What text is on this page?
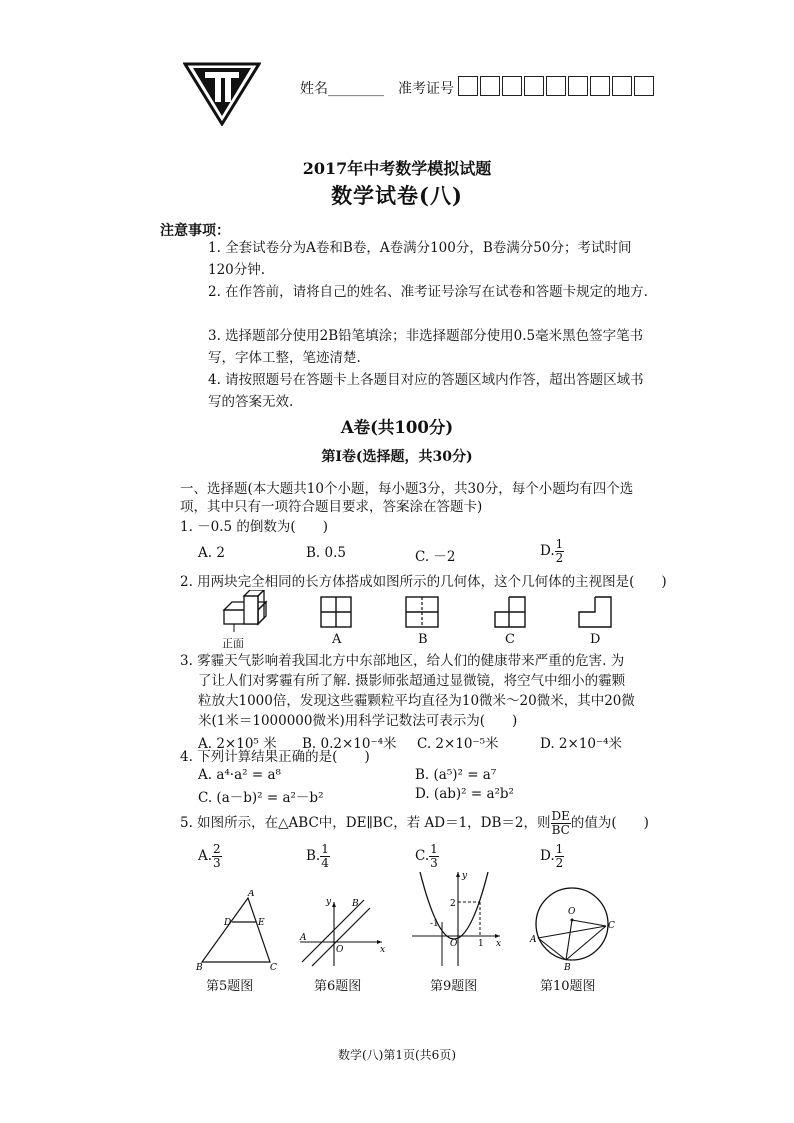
姓名________ 准考证号
2017年中考数学模拟试题
数学试卷(八)
注意事项：
1. 全套试卷分为A卷和B卷，A卷满分100分，B卷满分50分；考试时间120分钟.
2. 在作答前，请将自己的姓名、准考证号涂写在试卷和答题卡规定的地方.
3. 选择题部分使用2B铅笔填涂；非选择题部分使用0.5毫米黑色签字笔书写，字体工整，笔迹清楚.
4. 请按照题号在答题卡上各题目对应的答题区域内作答，超出答题区域书写的答案无效.
A卷(共100分)
第Ⅰ卷(选择题，共30分)
一、选择题(本大题共10个小题，每小题3分，共30分，每个小题均有四个选
项，其中只有一项符合题目要求，答案涂在答题卡)
1. －0.5 的倒数为(　　)
A. 2	B. 0.5	C. －2	D. $\frac{1}{2}$
2. 用两块完全相同的长方体搭成如图所示的几何体，这个几何体的主视图是(　　)
正面	A	B	C	D
3. 雾霾天气影响着我国北方中东部地区，给人们的健康带来严重的危害. 为
了让人们对雾霾有所了解. 摄影师张超通过显微镜，将空气中细小的霾颗
粒放大1000倍，发现这些霾颗粒平均直径为10微米～20微米，其中20微
米(1米＝1000000微米)用科学记数法可表示为(　　)
A. 2×10⁵ 米 B. 0.2×10⁻⁴米 C. 2×10⁻⁵米	D. 2×10⁻⁴米
4. 下列计算结果正确的是(　　)
A. a⁴·a² = a⁸	B. (a⁵)² = a⁷
C. (a－b)² = a²－b²	D. (ab)² = a²b²
5. 如图所示，在△ABC中，DE∥BC，若 AD＝1，DB＝2，则 $\frac{DE}{BC}$ 的值为(　　)
A. $\frac{2}{3}$	B. $\frac{1}{4}$	C. $\frac{1}{3}$	D. $\frac{1}{2}$
A
D	E
B	C
y B
A
O	x
y
2
-1
O 1 x
O
C
A
B
第5题图	第6题图	第9题图	第10题图
数学(八)第1页(共6页)
